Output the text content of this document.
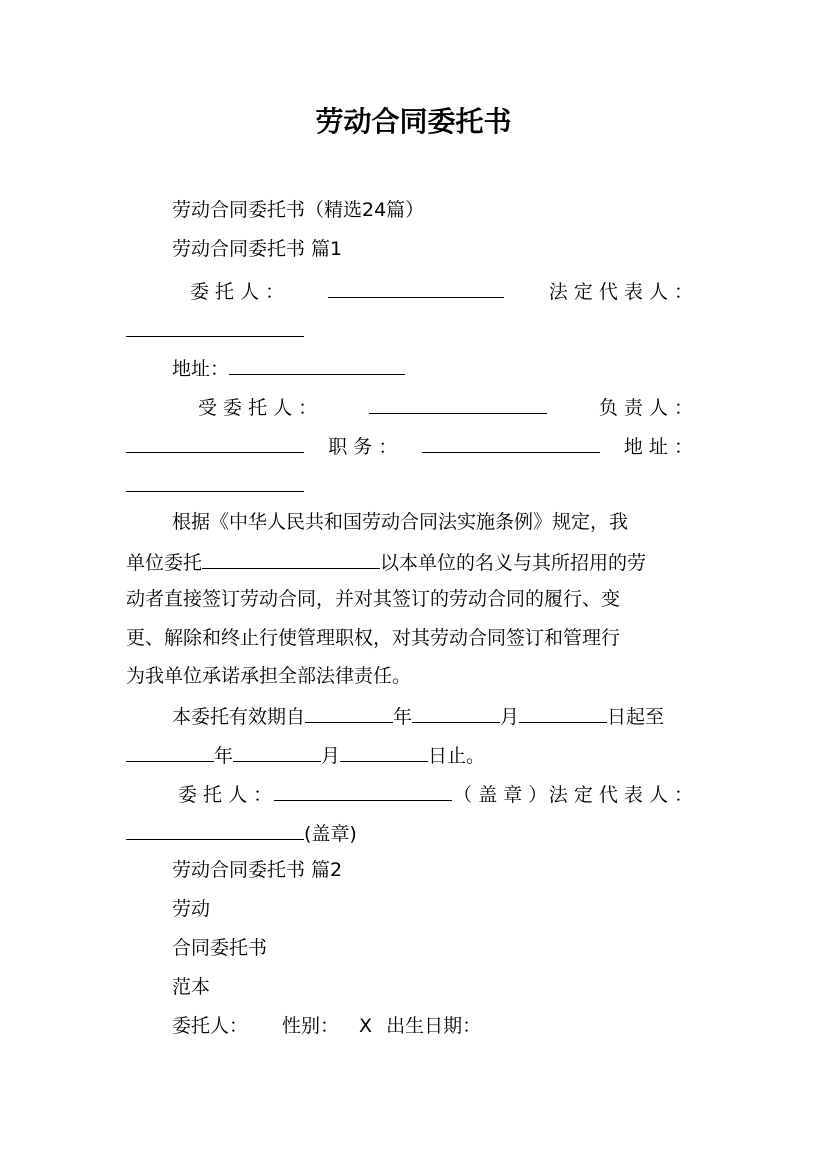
劳动合同委托书
劳动合同委托书（精选24篇）
劳动合同委托书 篇1
委 托 人 ：	法 定 代 表 人 ：
地址：
受 委 托 人 ：	负 责 人 ：
职 务 ：	地 址 ：
根据《中华人民共和国劳动合同法实施条例》规定，我
单位委托	以本单位的名义与其所招用的劳
动者直接签订劳动合同，并对其签订的劳动合同的履行、变
更、解除和终止行使管理职权，对其劳动合同签订和管理行
为我单位承诺承担全部法律责任。
本委托有效期自	年	月	日起至
年	月	日止。
委 托 人 ：	（ 盖 章 ） 法 定 代 表 人 ：
(盖章)
劳动合同委托书 篇2
劳动
合同委托书
范本
委托人： 性别： X 出生日期：
